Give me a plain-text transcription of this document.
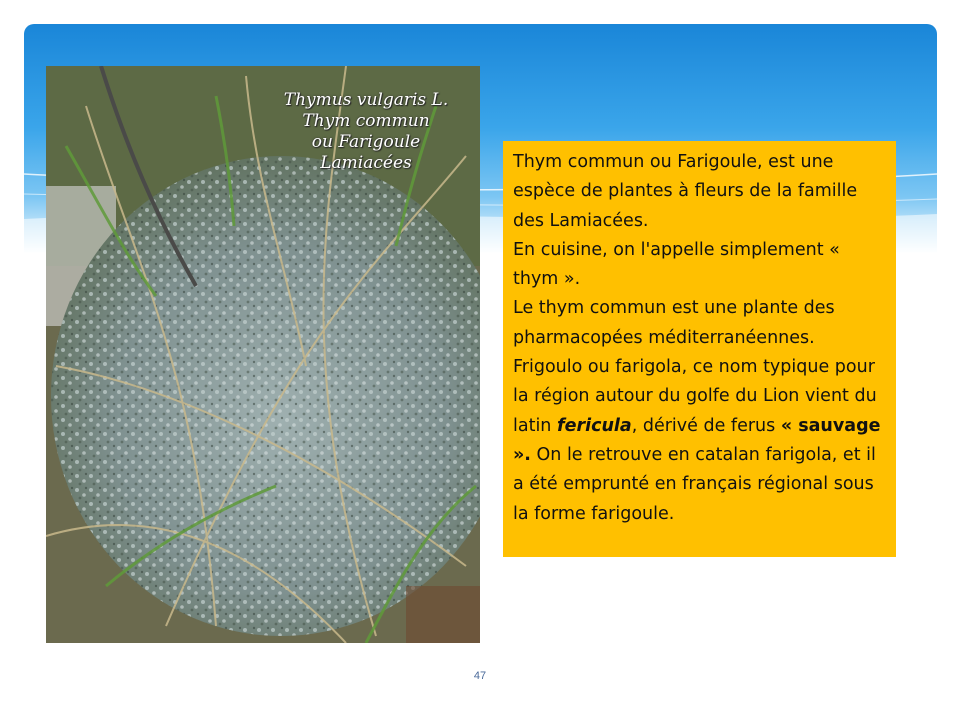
Thymus vulgaris L.
Thym commun
ou Farigoule
Lamiacées	Thym commun ou Farigoule, est une espèce de plantes à fleurs de la famille des Lamiacées.

En cuisine, on l'appelle simplement « thym ».

Le thym commun est une plante des pharmacopées méditerranéennes.

Frigoulo ou farigola, ce nom typique pour la région autour du golfe du Lion vient du latin fericula, dérivé de ferus « sauvage ». On le retrouve en catalan farigola, et il a été emprunté en français régional sous la forme farigoule.

47
